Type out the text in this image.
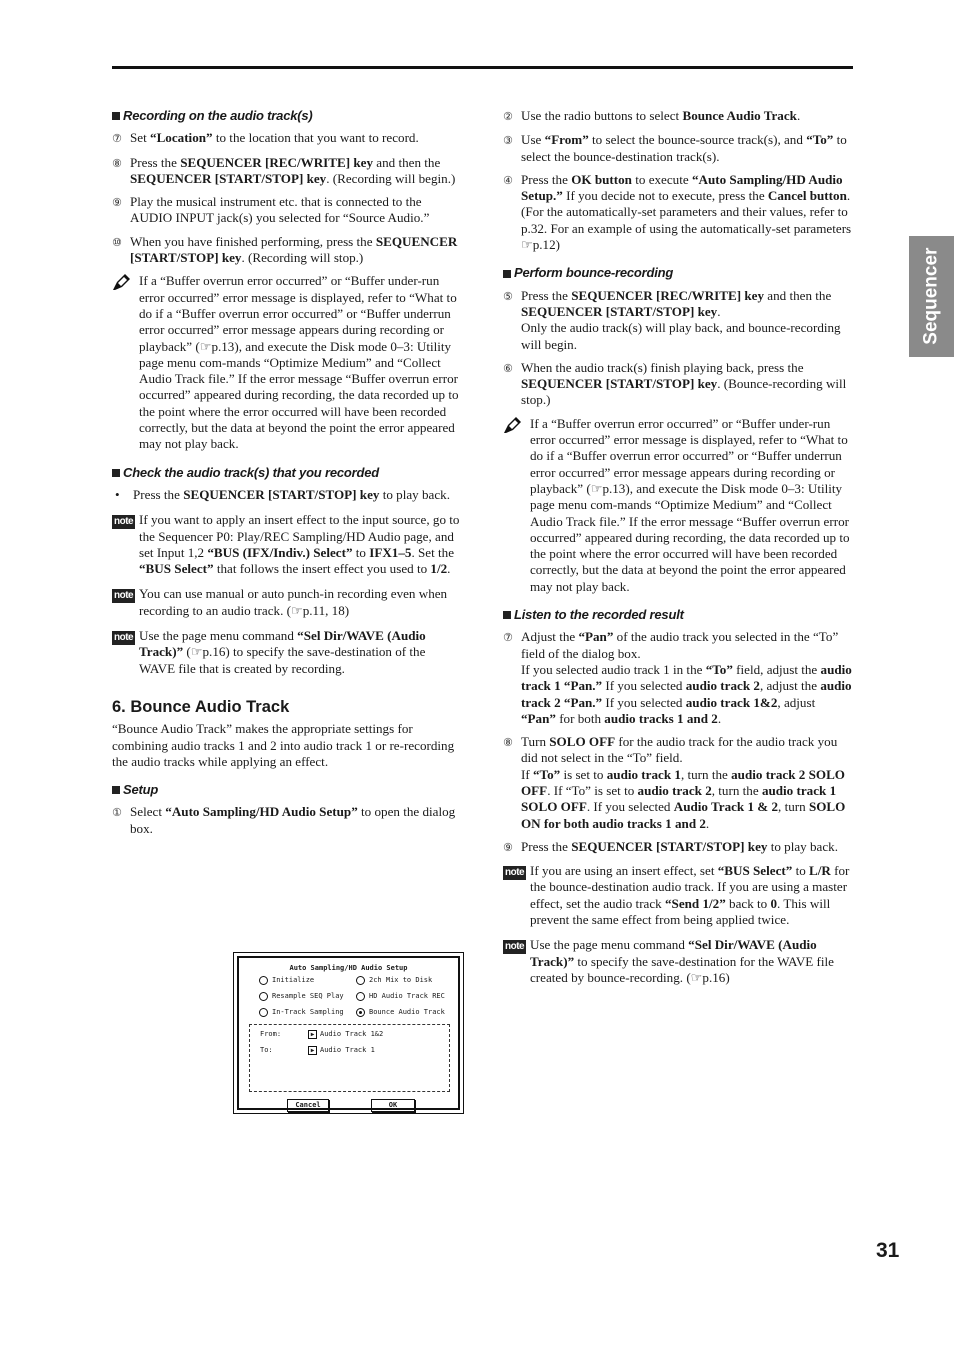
Sequencer
Recording on the audio track(s)
⑦ Set “Location” to the location that you want to record.
⑧ Press the SEQUENCER [REC/WRITE] key and then the SEQUENCER [START/STOP] key. (Recording will begin.)
⑨ Play the musical instrument etc. that is connected to the AUDIO INPUT jack(s) you selected for “Source Audio.”
⑩ When you have finished performing, press the SEQUENCER [START/STOP] key. (Recording will stop.)
If a “Buffer overrun error occurred” or “Buffer under-run error occurred” error message is displayed, refer to “What to do if a “Buffer overrun error occurred” or “Buffer underrun error occurred” error message appears during recording or playback” (☞p.13), and execute the Disk mode 0–3: Utility page menu com-mands “Optimize Medium” and “Collect Audio Track file.” If the error message “Buffer overrun error occurred” appeared during recording, the data recorded up to the point where the error occurred will have been recorded correctly, but the data at beyond the point the error appeared may not play back.
Check the audio track(s) that you recorded
•	Press the SEQUENCER [START/STOP] key to play back.
note If you want to apply an insert effect to the input source, go to the Sequencer P0: Play/REC Sampling/HD Audio page, and set Input 1,2 “BUS (IFX/Indiv.) Select” to IFX1–5. Set the “BUS Select” that follows the insert effect you used to 1/2.
note You can use manual or auto punch-in recording even when recording to an audio track. (☞p.11, 18)
note Use the page menu command “Sel Dir/WAVE (Audio Track)” (☞p.16) to specify the save-destination of the WAVE file that is created by recording.
6. Bounce Audio Track
“Bounce Audio Track” makes the appropriate settings for combining audio tracks 1 and 2 into audio track 1 or re-recording the audio tracks while applying an effect.
Setup
① Select “Auto Sampling/HD Audio Setup” to open the dialog box.
Auto Sampling/HD Audio Setup
Initialize
Resample SEQ Play
In-Track Sampling
2ch Mix to Disk
HD Audio Track REC
Bounce Audio Track
From:	▶ Audio Track 1&2
To:	▶ Audio Track 1
Cancel	OK
② Use the radio buttons to select Bounce Audio Track.
③ Use “From” to select the bounce-source track(s), and “To” to select the bounce-destination track(s).
④ Press the OK button to execute “Auto Sampling/HD Audio Setup.” If you decide not to execute, press the Cancel button. (For the automatically-set parameters and their values, refer to p.32. For an example of using the automatically-set parameters ☞p.12)
Perform bounce-recording
⑤ Press the SEQUENCER [REC/WRITE] key and then the SEQUENCER [START/STOP] key.
Only the audio track(s) will play back, and bounce-recording will begin.
⑥ When the audio track(s) finish playing back, press the SEQUENCER [START/STOP] key. (Bounce-recording will stop.)
If a “Buffer overrun error occurred” or “Buffer under-run error occurred” error message is displayed, refer to “What to do if a “Buffer overrun error occurred” or “Buffer underrun error occurred” error message appears during recording or playback” (☞p.13), and execute the Disk mode 0–3: Utility page menu com-mands “Optimize Medium” and “Collect Audio Track file.” If the error message “Buffer overrun error occurred” appeared during recording, the data recorded up to the point where the error occurred will have been recorded correctly, but the data at beyond the point the error appeared may not play back.
Listen to the recorded result
⑦ Adjust the “Pan” of the audio track you selected in the “To” field of the dialog box.
If you selected audio track 1 in the “To” field, adjust the audio track 1 “Pan.” If you selected audio track 2, adjust the audio track 2 “Pan.” If you selected audio track 1&2, adjust “Pan” for both audio tracks 1 and 2.
⑧ Turn SOLO OFF for the audio track for the audio track you did not select in the “To” field.
If “To” is set to audio track 1, turn the audio track 2 SOLO OFF. If “To” is set to audio track 2, turn the audio track 1 SOLO OFF. If you selected Audio Track 1 & 2, turn SOLO ON for both audio tracks 1 and 2.
⑨ Press the SEQUENCER [START/STOP] key to play back.
note If you are using an insert effect, set “BUS Select” to L/R for the bounce-destination audio track. If you are using a master effect, set the audio track “Send 1/2” back to 0. This will prevent the same effect from being applied twice.
note Use the page menu command “Sel Dir/WAVE (Audio Track)” to specify the save-destination for the WAVE file created by bounce-recording. (☞p.16)
31
